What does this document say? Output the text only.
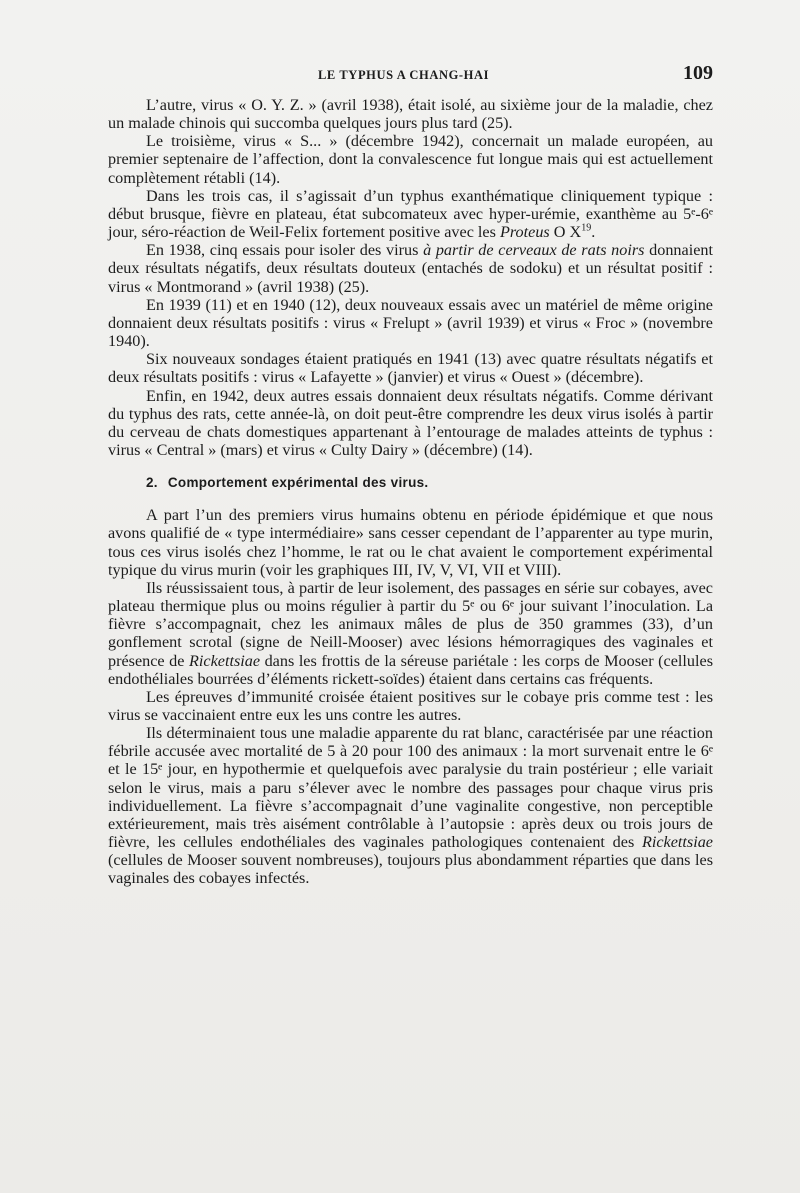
LE TYPHUS A CHANG-HAI	109

L’autre, virus « O. Y. Z. » (avril 1938), était isolé, au sixième jour de la maladie, chez un malade chinois qui succomba quelques jours plus tard (25).

Le troisième, virus « S... » (décembre 1942), concernait un malade européen, au premier septenaire de l’affection, dont la convalescence fut longue mais qui est actuellement complètement rétabli (14).

Dans les trois cas, il s’agissait d’un typhus exanthématique cliniquement typique : début brusque, fièvre en plateau, état subcomateux avec hyper-urémie, exanthème au 5ᵉ-6ᵉ jour, séro-réaction de Weil-Felix fortement positive avec les Proteus O $X^{19}$.

En 1938, cinq essais pour isoler des virus à partir de cerveaux de rats noirs donnaient deux résultats négatifs, deux résultats douteux (entachés de sodoku) et un résultat positif : virus « Montmorand » (avril 1938) (25).

En 1939 (11) et en 1940 (12), deux nouveaux essais avec un matériel de même origine donnaient deux résultats positifs : virus « Frelupt » (avril 1939) et virus « Froc » (novembre 1940).

Six nouveaux sondages étaient pratiqués en 1941 (13) avec quatre résultats négatifs et deux résultats positifs : virus « Lafayette » (janvier) et virus « Ouest » (décembre).

Enfin, en 1942, deux autres essais donnaient deux résultats négatifs. Comme dérivant du typhus des rats, cette année-là, on doit peut-être comprendre les deux virus isolés à partir du cerveau de chats domestiques appartenant à l’entourage de malades atteints de typhus : virus « Central » (mars) et virus « Culty Dairy » (décembre) (14).

2. Comportement expérimental des virus.

A part l’un des premiers virus humains obtenu en période épidémique et que nous avons qualifié de « type intermédiaire» sans cesser cependant de l’apparenter au type murin, tous ces virus isolés chez l’homme, le rat ou le chat avaient le comportement expérimental typique du virus murin (voir les graphiques III, IV, V, VI, VII et VIII).

Ils réussissaient tous, à partir de leur isolement, des passages en série sur cobayes, avec plateau thermique plus ou moins régulier à partir du 5ᵉ ou 6ᵉ jour suivant l’inoculation. La fièvre s’accompagnait, chez les animaux mâles de plus de 350 grammes (33), d’un gonflement scrotal (signe de Neill-Mooser) avec lésions hémorragiques des vaginales et présence de Rickettsiae dans les frottis de la séreuse pariétale : les corps de Mooser (cellules endothéliales bourrées d’éléments rickett-soïdes) étaient dans certains cas fréquents.

Les épreuves d’immunité croisée étaient positives sur le cobaye pris comme test : les virus se vaccinaient entre eux les uns contre les autres.

Ils déterminaient tous une maladie apparente du rat blanc, caractérisée par une réaction fébrile accusée avec mortalité de 5 à 20 pour 100 des animaux : la mort survenait entre le 6ᵉ et le 15ᵉ jour, en hypothermie et quelquefois avec paralysie du train postérieur ; elle variait selon le virus, mais a paru s’élever avec le nombre des passages pour chaque virus pris individuellement. La fièvre s’accompagnait d’une vaginalite congestive, non perceptible extérieurement, mais très aisément contrôlable à l’autopsie : après deux ou trois jours de fièvre, les cellules endothéliales des vaginales pathologiques contenaient des Rickettsiae (cellules de Mooser souvent nombreuses), toujours plus abondamment réparties que dans les vaginales des cobayes infectés.
